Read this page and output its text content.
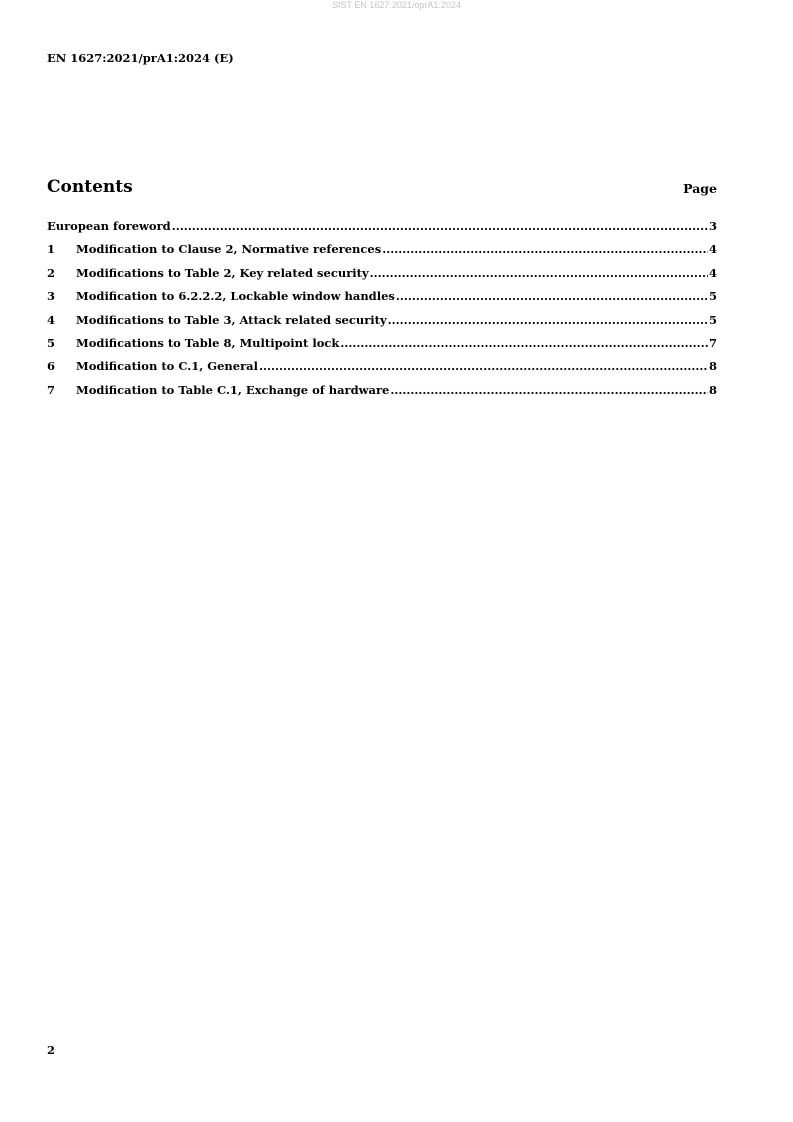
SIST EN 1627:2021/oprA1:2024
EN 1627:2021/prA1:2024 (E)
Contents	Page
European foreword .....	3
1	Modification to Clause 2, Normative references .....	4
2	Modifications to Table 2, Key related security .....	4
3	Modification to 6.2.2.2, Lockable window handles .....	5
4	Modifications to Table 3, Attack related security .....	5
5	Modifications to Table 8, Multipoint lock .....	7
6	Modification to C.1, General .....	8
7	Modification to Table C.1, Exchange of hardware .....	8
2
